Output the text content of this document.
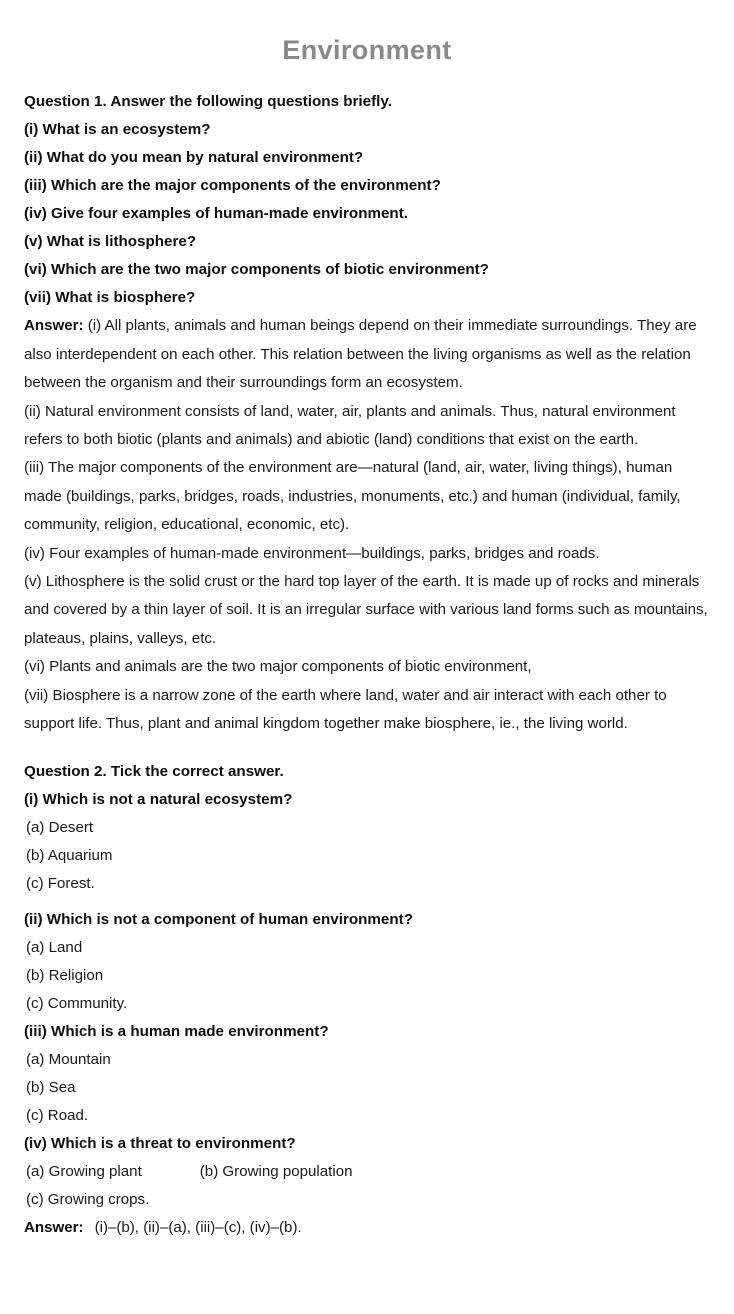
Environment
Question 1. Answer the following questions briefly.
(i) What is an ecosystem?
(ii) What do you mean by natural environment?
(iii) Which are the major components of the environment?
(iv) Give four examples of human-made environment.
(v) What is lithosphere?
(vi) Which are the two major components of biotic environment?
(vii) What is biosphere?
Answer: (i) All plants, animals and human beings depend on their immediate surroundings. They are also interdependent on each other. This relation between the living organisms as well as the relation between the organism and their surroundings form an ecosystem.
(ii) Natural environment consists of land, water, air, plants and animals. Thus, natural environment refers to both biotic (plants and animals) and abiotic (land) conditions that exist on the earth.
(iii) The major components of the environment are—natural (land, air, water, living things), human made (buildings, parks, bridges, roads, industries, monuments, etc.) and human (individual, family, community, religion, educational, economic, etc).
(iv) Four examples of human-made environment—buildings, parks, bridges and roads.
(v) Lithosphere is the solid crust or the hard top layer of the earth. It is made up of rocks and minerals and covered by a thin layer of soil. It is an irregular surface with various land forms such as mountains, plateaus, plains, valleys, etc.
(vi) Plants and animals are the two major components of biotic environment,
(vii) Biosphere is a narrow zone of the earth where land, water and air interact with each other to support life. Thus, plant and animal kingdom together make biosphere, ie., the living world.
Question 2. Tick the correct answer.
(i) Which is not a natural ecosystem?
(a) Desert
(b) Aquarium
(c) Forest.
(ii) Which is not a component of human environment?
(a) Land
(b) Religion
(c) Community.
(iii) Which is a human made environment?
(a) Mountain
(b) Sea
(c) Road.
(iv) Which is a threat to environment?
(a) Growing plant	(b) Growing population
(c) Growing crops.
Answer: (i)–(b), (ii)–(a), (iii)–(c), (iv)–(b).
